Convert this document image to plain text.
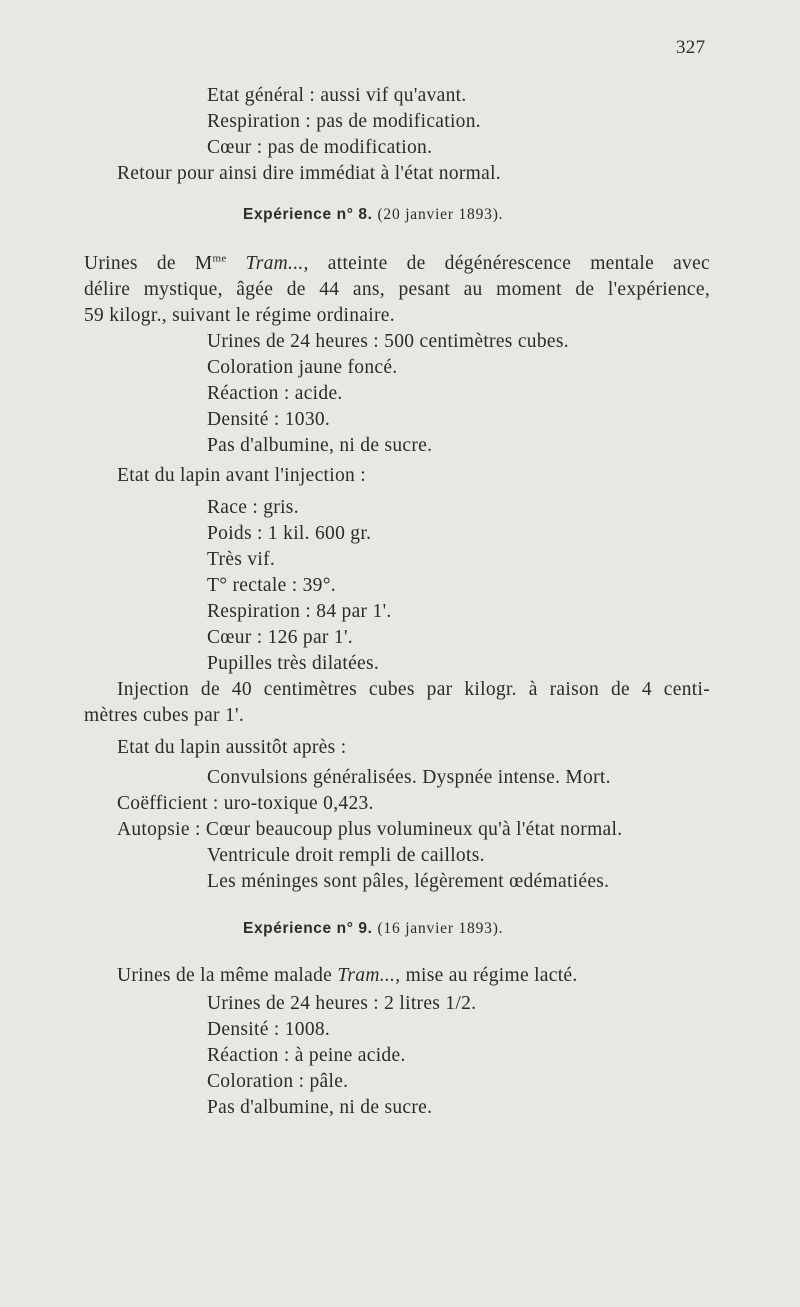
327
Etat général : aussi vif qu'avant.
Respiration : pas de modification.
Cœur : pas de modification.
Retour pour ainsi dire immédiat à l'état normal.
Expérience n° 8. (20 janvier 1893).
Urines de $M^{me}$ Tram..., atteinte de dégénérescence mentale avec
délire mystique, âgée de 44 ans, pesant au moment de l'expérience,
59 kilogr., suivant le régime ordinaire.
Urines de 24 heures : 500 centimètres cubes.
Coloration jaune foncé.
Réaction : acide.
Densité : 1030.
Pas d'albumine, ni de sucre.
Etat du lapin avant l'injection :
Race : gris.
Poids : 1 kil. 600 gr.
Très vif.
T° rectale : 39°.
Respiration : 84 par 1'.
Cœur : 126 par 1'.
Pupilles très dilatées.
Injection de 40 centimètres cubes par kilogr. à raison de 4 centi-
mètres cubes par 1'.
Etat du lapin aussitôt après :
Convulsions généralisées. Dyspnée intense. Mort.
Coëfficient : uro-toxique 0,423.
Autopsie : Cœur beaucoup plus volumineux qu'à l'état normal.
Ventricule droit rempli de caillots.
Les méninges sont pâles, légèrement œdématiées.
Expérience n° 9. (16 janvier 1893).
Urines de la même malade Tram..., mise au régime lacté.
Urines de 24 heures : 2 litres 1/2.
Densité : 1008.
Réaction : à peine acide.
Coloration : pâle.
Pas d'albumine, ni de sucre.
